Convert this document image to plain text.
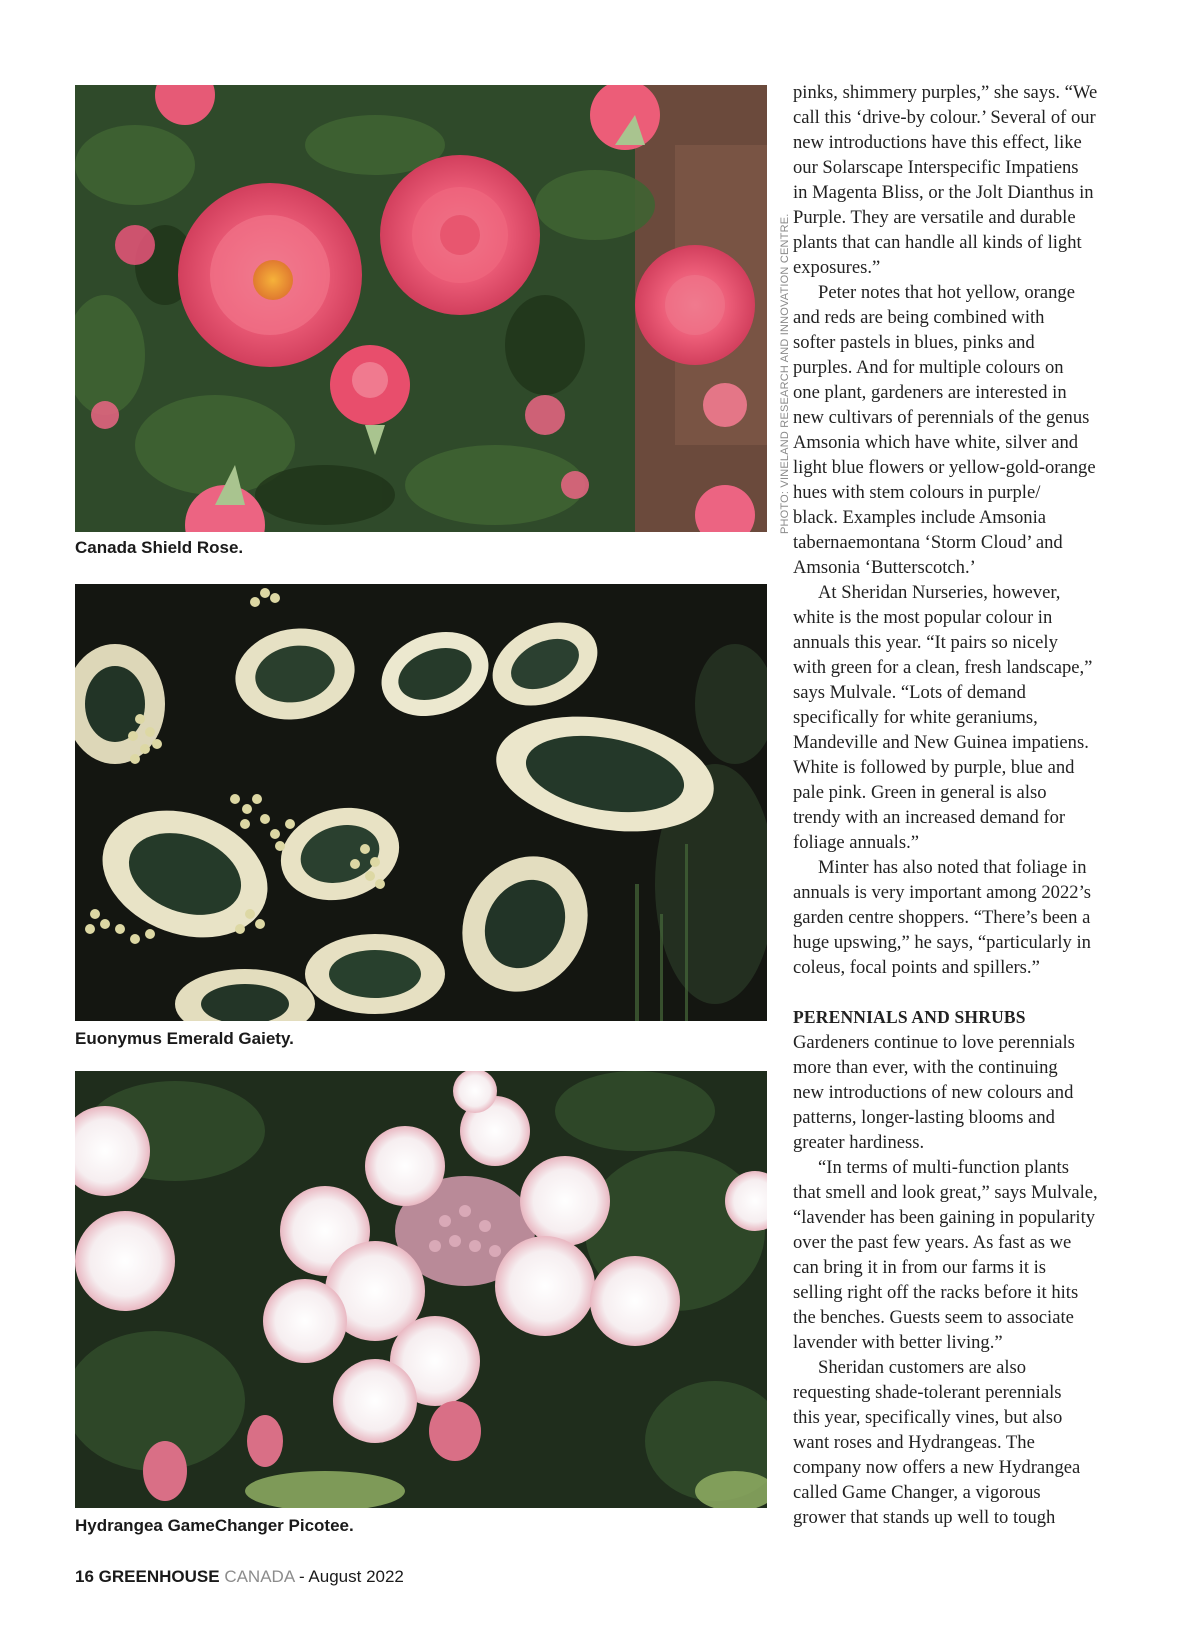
Canada Shield Rose.
PHOTO: VINELAND RESEARCH AND INNOVATION CENTRE.
Euonymus Emerald Gaiety.
Hydrangea GameChanger Picotee.
pinks, shimmery purples,” she says. “We
call this ‘drive-by colour.’ Several of our
new introductions have this effect, like
our Solarscape Interspecific Impatiens
in Magenta Bliss, or the Jolt Dianthus in
Purple. They are versatile and durable
plants that can handle all kinds of light
exposures.”
Peter notes that hot yellow, orange
and reds are being combined with
softer pastels in blues, pinks and
purples. And for multiple colours on
one plant, gardeners are interested in
new cultivars of perennials of the genus
Amsonia which have white, silver and
light blue flowers or yellow-gold-orange
hues with stem colours in purple/
black. Examples include Amsonia
tabernaemontana ‘Storm Cloud’ and
Amsonia ‘Butterscotch.’
At Sheridan Nurseries, however,
white is the most popular colour in
annuals this year. “It pairs so nicely
with green for a clean, fresh landscape,”
says Mulvale. “Lots of demand
specifically for white geraniums,
Mandeville and New Guinea impatiens.
White is followed by purple, blue and
pale pink. Green in general is also
trendy with an increased demand for
foliage annuals.”
Minter has also noted that foliage in
annuals is very important among 2022’s
garden centre shoppers. “There’s been a
huge upswing,” he says, “particularly in
coleus, focal points and spillers.”
PERENNIALS AND SHRUBS
Gardeners continue to love perennials
more than ever, with the continuing
new introductions of new colours and
patterns, longer-lasting blooms and
greater hardiness.
“In terms of multi-function plants
that smell and look great,” says Mulvale,
“lavender has been gaining in popularity
over the past few years. As fast as we
can bring it in from our farms it is
selling right off the racks before it hits
the benches. Guests seem to associate
lavender with better living.”
Sheridan customers are also
requesting shade-tolerant perennials
this year, specifically vines, but also
want roses and Hydrangeas. The
company now offers a new Hydrangea
called Game Changer, a vigorous
grower that stands up well to tough
16 GREENHOUSE CANADA - August 2022
